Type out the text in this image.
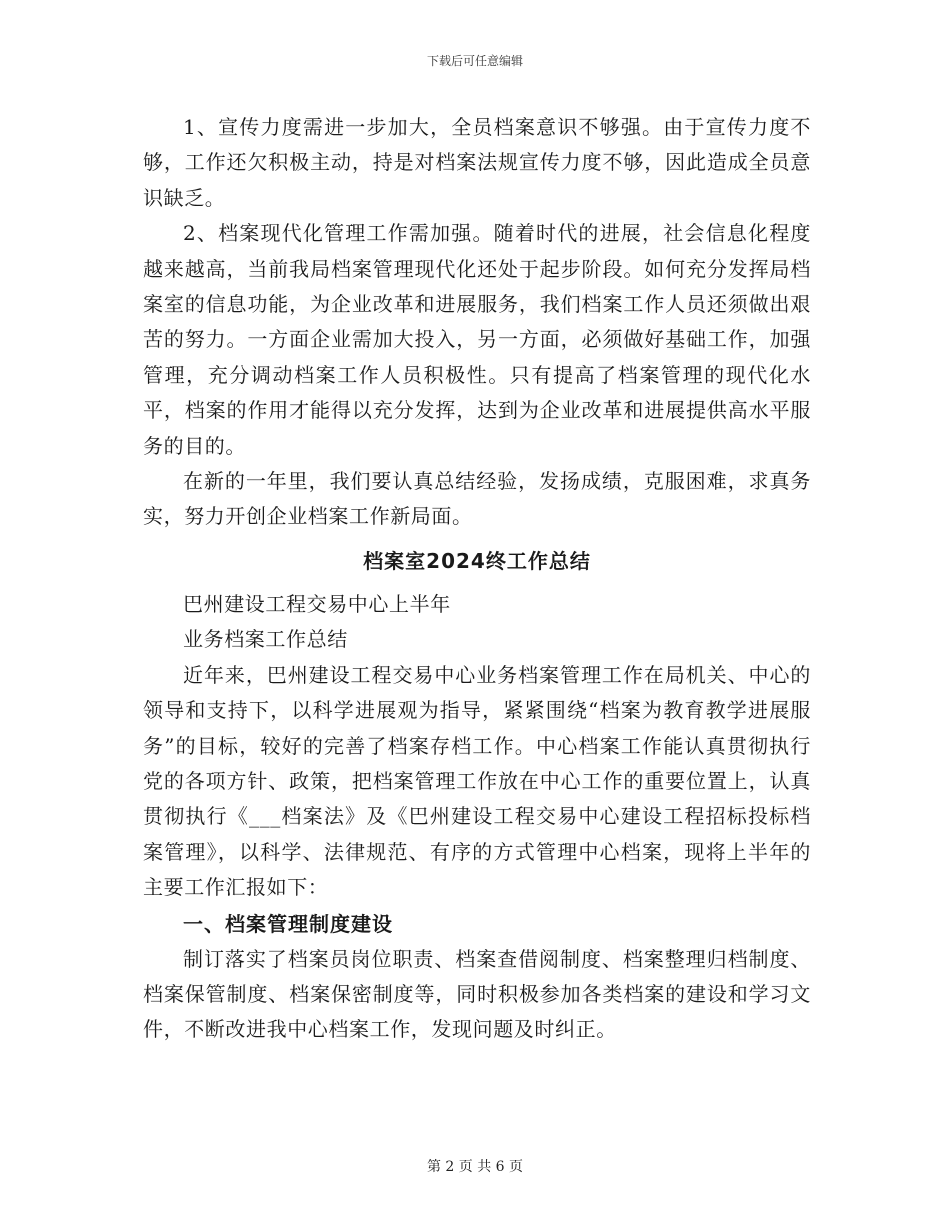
下载后可任意编辑

1、宣传力度需进一步加大，全员档案意识不够强。由于宣传力度不够，工作还欠积极主动，持是对档案法规宣传力度不够，因此造成全员意识缺乏。

2、档案现代化管理工作需加强。随着时代的进展，社会信息化程度越来越高，当前我局档案管理现代化还处于起步阶段。如何充分发挥局档案室的信息功能，为企业改革和进展服务，我们档案工作人员还须做出艰苦的努力。一方面企业需加大投入，另一方面，必须做好基础工作，加强管理，充分调动档案工作人员积极性。只有提高了档案管理的现代化水平，档案的作用才能得以充分发挥，达到为企业改革和进展提供高水平服务的目的。

在新的一年里，我们要认真总结经验，发扬成绩，克服困难，求真务实，努力开创企业档案工作新局面。

档案室2024终工作总结

巴州建设工程交易中心上半年

业务档案工作总结

近年来，巴州建设工程交易中心业务档案管理工作在局机关、中心的领导和支持下，以科学进展观为指导，紧紧围绕“档案为教育教学进展服务”的目标，较好的完善了档案存档工作。中心档案工作能认真贯彻执行党的各项方针、政策，把档案管理工作放在中心工作的重要位置上，认真贯彻执行《___档案法》及《巴州建设工程交易中心建设工程招标投标档案管理》，以科学、法律规范、有序的方式管理中心档案，现将上半年的主要工作汇报如下：

一、档案管理制度建设

制订落实了档案员岗位职责、档案查借阅制度、档案整理归档制度、档案保管制度、档案保密制度等，同时积极参加各类档案的建设和学习文件，不断改进我中心档案工作，发现问题及时纠正。

第 2 页 共 6 页
